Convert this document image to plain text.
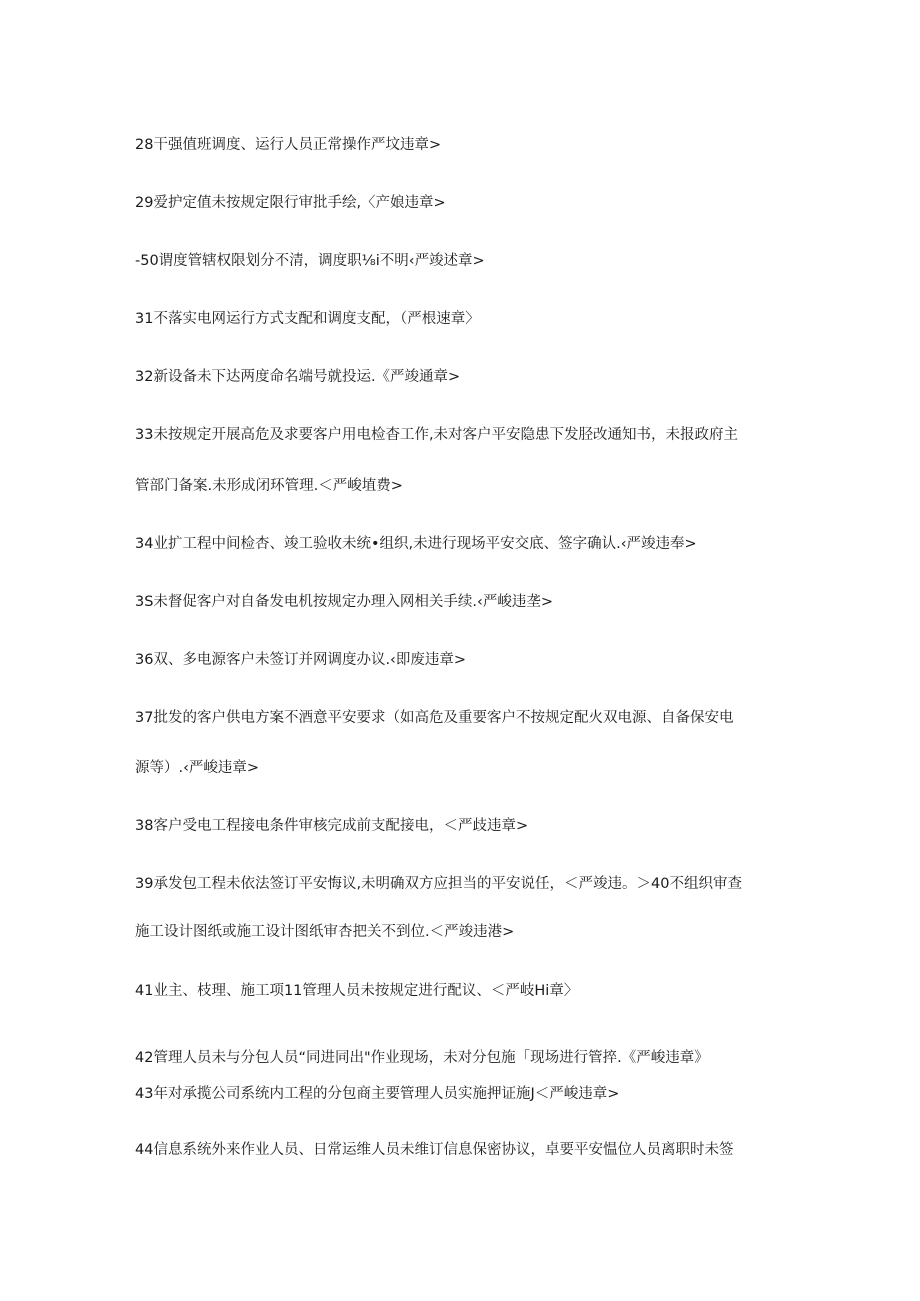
28干强值班调度、运行人员正常操作严坟违章>
29爱护定值未按规定限行审批手绘,〈产娘违章>
-50谓度管辖权限划分不清，调度职⅛i不明‹严竣述章>
31不落实电网运行方式支配和调度支配，（严根速章〉
32新设备未下达两度命名端号就投运.《严竣通章>
33未按规定开展高危及求要客户用电检杳工作,未对客户平安隐患下发胫改通知书，未报政府主
管部门备案.未形成闭环管理.＜严峻埴费>
34业扩工程中间检杏、竣工验收未统•组织,未进行现场平安交底、签字确认.‹严竣违奉>
3S未督促客户对自备发电机按规定办理入网相关手续.‹严峻违垄>
36双、多电源客户未签订并网调度办议.‹即废违章>
37批发的客户供电方案不酒意平安要求（如高危及重要客户不按规定配火双电源、自备保安电
源等）.‹严峻违章>
38客户受电工程接电条件审核完成前支配接电，＜严歧违章>
39承发包工程未依法签订平安悔议,未明确双方应担当的平安说任，＜严竣违。＞40不组织审查
施工设计图纸或施工设计图纸审杏把关不到位.＜严竣违港>
41业主、枝理、施工项11管理人员未按规定进行配议、＜严岐Hi章〉
42管理人员未与分包人员“同进同出"作业现场，未对分包施「现场进行管捽.《严峻违章》
43年对承揽公司系统内工程的分包商主要管理人员实施押证施J＜严峻违章>
44信息系统外来作业人员、日常运维人员未维订信息保密协议，卓要平安愠位人员离职时未签
